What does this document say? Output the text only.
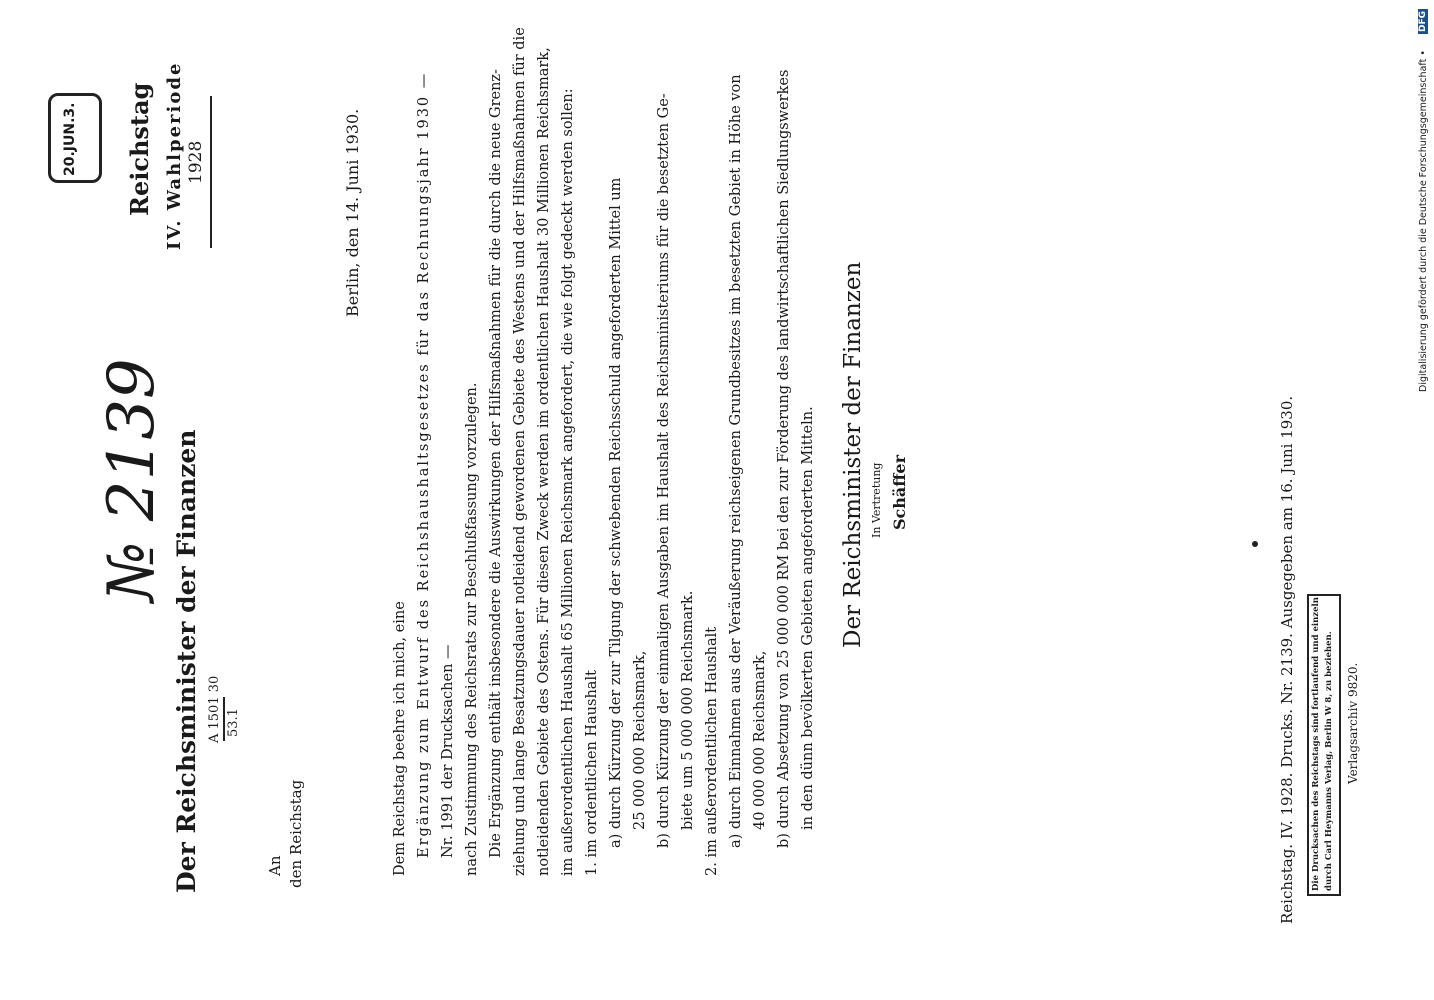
20.JUN.3. Reichstag IV. Wahlperiode 1928
№ 2139 Der Reichsminister der Finanzen A 1501 30 53.1
An den Reichstag
Berlin, den 14. Juni 1930.

Dem Reichstag beehre ich mich, eine Ergänzung zum Entwurf des Reichshaushaltsgesetzes für das Rechnungsjahr 1930 — Nr. 1991 der Drucksachen — nach Zustimmung des Reichsrats zur Beschlußfassung vorzulegen. Die Ergänzung enthält insbesondere die Auswirkungen der Hilfsmaßnahmen für die durch die neue Grenz- ziehung und lange Besatzungsdauer notleidend gewordenen Gebiete des Westens und der Hilfsmaßnahmen für die notleidenden Gebiete des Ostens. Für diesen Zweck werden im ordentlichen Haushalt 30 Millionen Reichsmark, im außerordentlichen Haushalt 65 Millionen Reichsmark angefordert, die wie folgt gedeckt werden sollen: 1. im ordentlichen Haushalt a) durch Kürzung der zur Tilgung der schwebenden Reichsschuld angeforderten Mittel um 25 000 000 Reichsmark, b) durch Kürzung der einmaligen Ausgaben im Haushalt des Reichsministeriums für die besetzten Ge- biete um 5 000 000 Reichsmark. 2. im außerordentlichen Haushalt a) durch Einnahmen aus der Veräußerung reichseigenen Grundbesitzes im besetzten Gebiet in Höhe von 40 000 000 Reichsmark, b) durch Absetzung von 25 000 000 RM bei den zur Förderung des landwirtschaftlichen Siedlungswerkes in den dünn bevölkerten Gebieten angeforderten Mitteln. Der Reichsminister der Finanzen In Vertretung Schäffer	Reichstag. IV. 1928. Drucks. Nr. 2139. Ausgegeben am 16. Juni 1930. Die Drucksachen des Reichstags sind fortlaufend und einzeln durch Carl Heymanns Verlag, Berlin W 8, zu beziehen. Verlagsarchiv 9820.
Digitalisierung gefördert durch die Deutsche Forschungsgemeinschaft •
DFG
